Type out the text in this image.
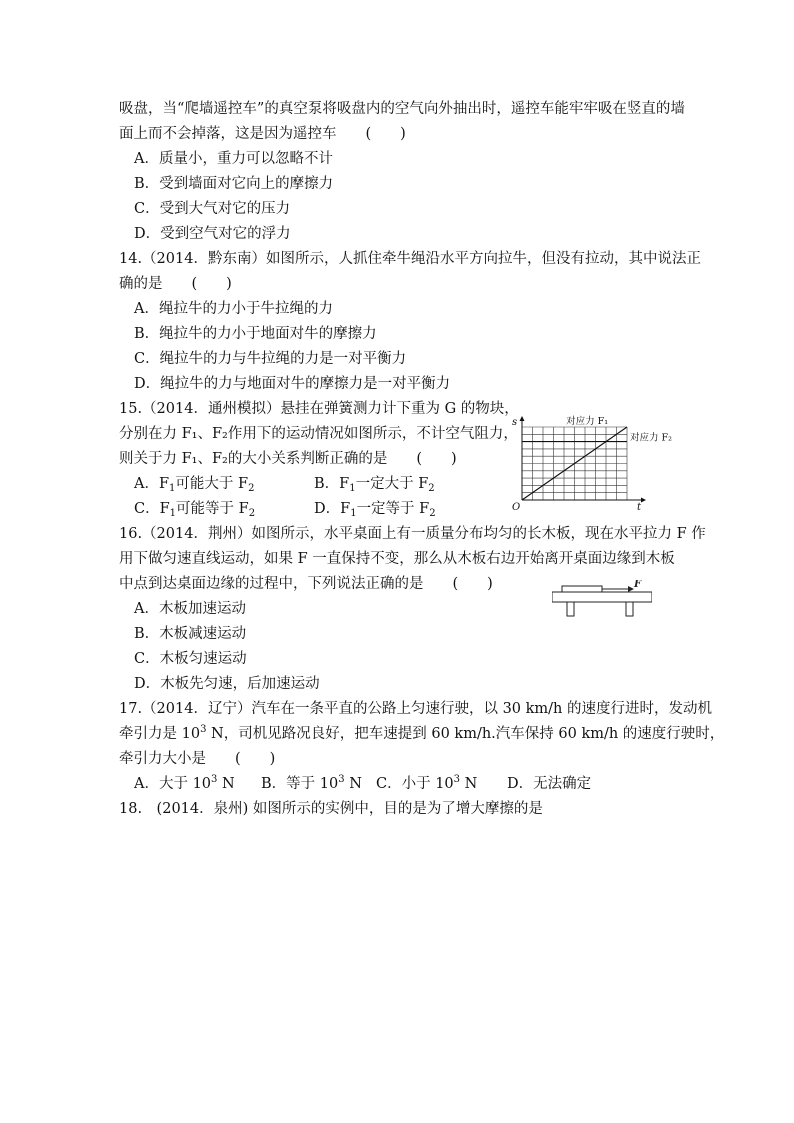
吸盘，当“爬墙遥控车”的真空泵将吸盘内的空气向外抽出时，遥控车能牢牢吸在竖直的墙
面上而不会掉落，这是因为遥控车　　(　　)
A．质量小，重力可以忽略不计
B．受到墙面对它向上的摩擦力
C．受到大气对它的压力
D．受到空气对它的浮力
14.（2014．黔东南）如图所示，人抓住牵牛绳沿水平方向拉牛，但没有拉动，其中说法正
确的是　　(　　)
A．绳拉牛的力小于牛拉绳的力
B．绳拉牛的力小于地面对牛的摩擦力
C．绳拉牛的力与牛拉绳的力是一对平衡力
D．绳拉牛的力与地面对牛的摩擦力是一对平衡力
15.（2014．通州模拟）悬挂在弹簧测力计下重为 G 的物块，
分别在力 F₁、F₂作用下的运动情况如图所示，不计空气阻力，
则关于力 F₁、F₂的大小关系判断正确的是　　(　　)
A．$F_1$可能大于 $F_2$	B．$F_1$一定大于 $F_2$
C．$F_1$可能等于 $F_2$	D．$F_1$一定等于 $F_2$
对应力 F₁
对应力 F₂
t
s
O
16.（2014．荆州）如图所示，水平桌面上有一质量分布均匀的长木板，现在水平拉力 F 作
用下做匀速直线运动，如果 F 一直保持不变，那么从木板右边开始离开桌面边缘到木板
中点到达桌面边缘的过程中，下列说法正确的是　　(　　)
A．木板加速运动
B．木板减速运动
C．木板匀速运动
D．木板先匀速，后加速运动
F
17.（2014．辽宁）汽车在一条平直的公路上匀速行驶，以 30 km/h 的速度行进时，发动机
牵引力是 $10^3$ N，司机见路况良好，把车速提到 60 km/h.汽车保持 60 km/h 的速度行驶时，
牵引力大小是　　(　　)
A．大于 $10^3$ N B．等于 $10^3$ N C．小于 $10^3$ N D．无法确定
18.　(2014．泉州) 如图所示的实例中，目的是为了增大摩擦的是
